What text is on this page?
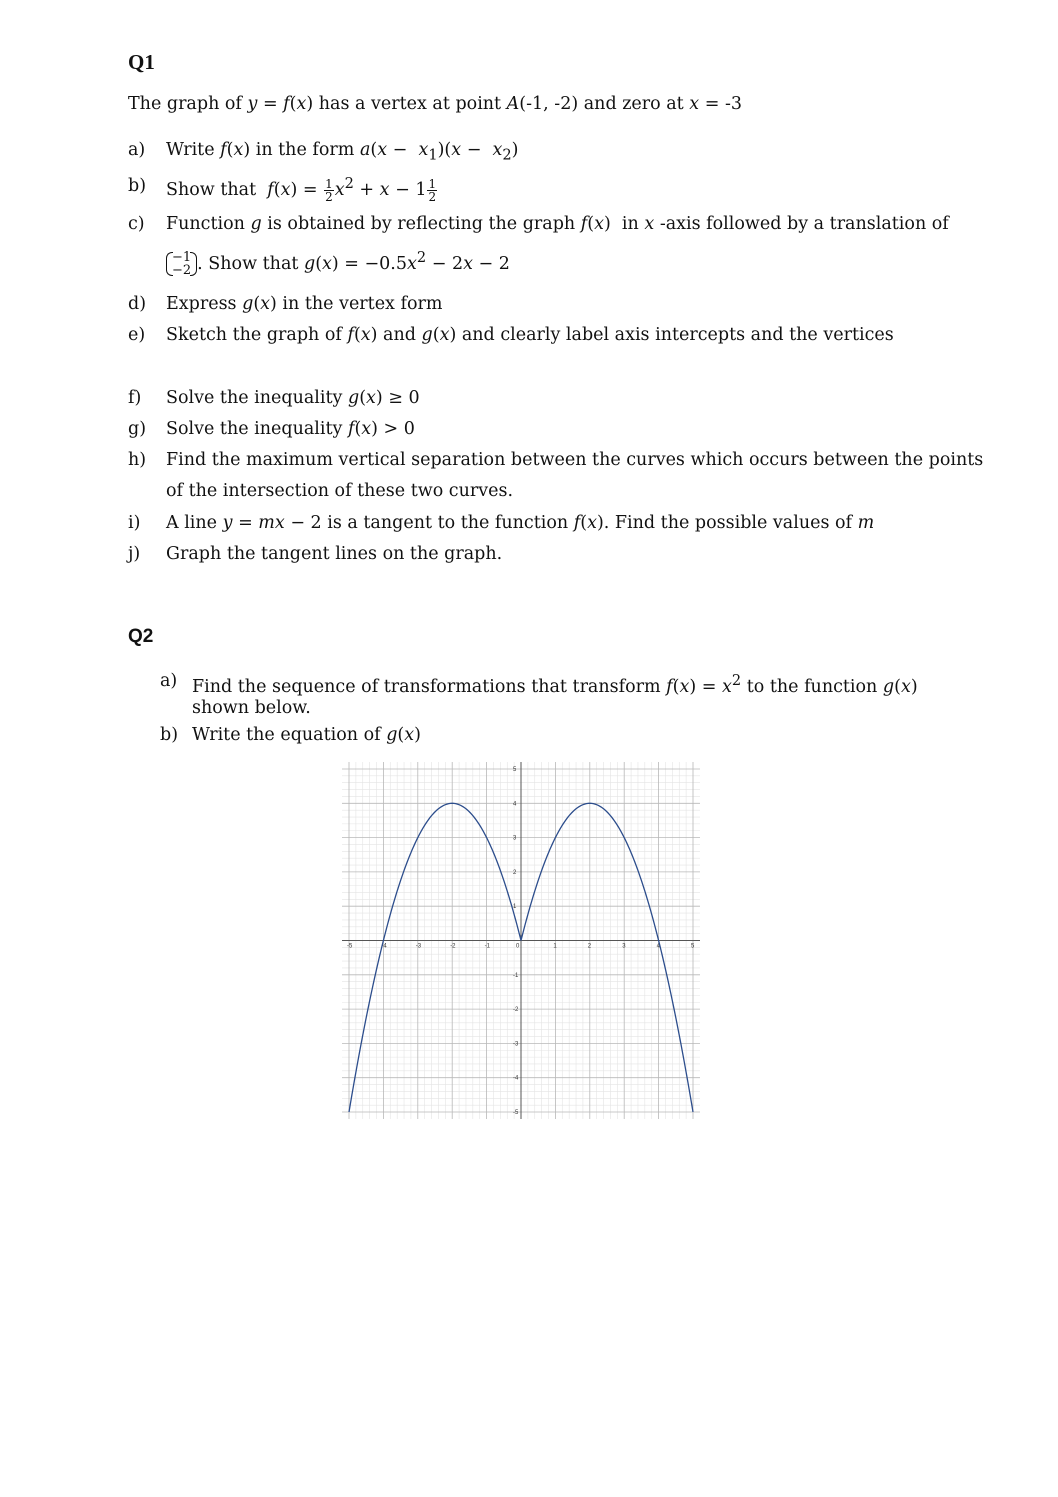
Q1
The graph of y = f(x) has a vertex at point A(-1, -2) and zero at x = -3
a) Write f(x) in the form $a(x - x_1)(x - x_2)$
b) Show that $f(x) = \frac{1}{2} x^2 + x - 1 \frac{1}{2}$
c) Function g is obtained by reflecting the graph f(x)  in x -axis followed by a translation of
−1
−2 . Show that $g(x) = -0.5x^2 - 2x - 2$
d) Express g(x) in the vertex form
e) Sketch the graph of f(x) and g(x) and clearly label axis intercepts and the vertices
f) Solve the inequality g(x) ≥ 0
g) Solve the inequality f(x) > 0
h) Find the maximum vertical separation between the curves which occurs between the points
of the intersection of these two curves.
i) A line y = mx − 2 is a tangent to the function f(x). Find the possible values of m
j) Graph the tangent lines on the graph.
Q2
a) Find the sequence of transformations that transform $f(x) = x^2$ to the function g(x)
shown below.
b) Write the equation of g(x)
-5	-4	-3	-2	-1	0	1	2	3	4	5
5
4
3
2
1
-1
-2
-3
-4
-5
